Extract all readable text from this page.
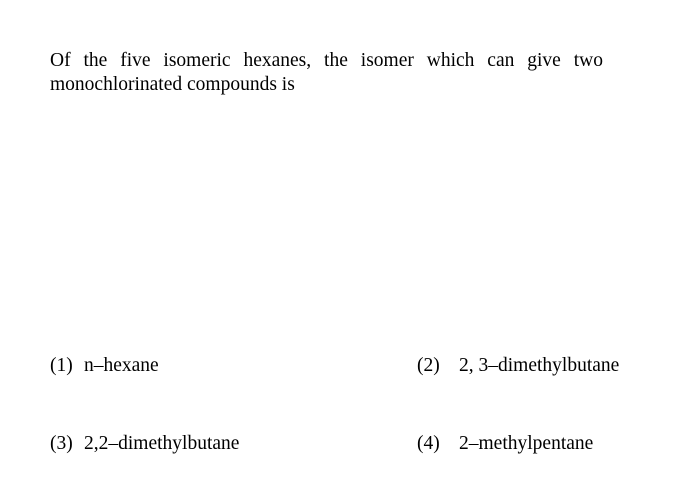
Of the five isomeric hexanes, the isomer which can give two monochlorinated compounds is

(1) n–hexane	(2) 2, 3–dimethylbutane
(3) 2,2–dimethylbutane	(4) 2–methylpentane
